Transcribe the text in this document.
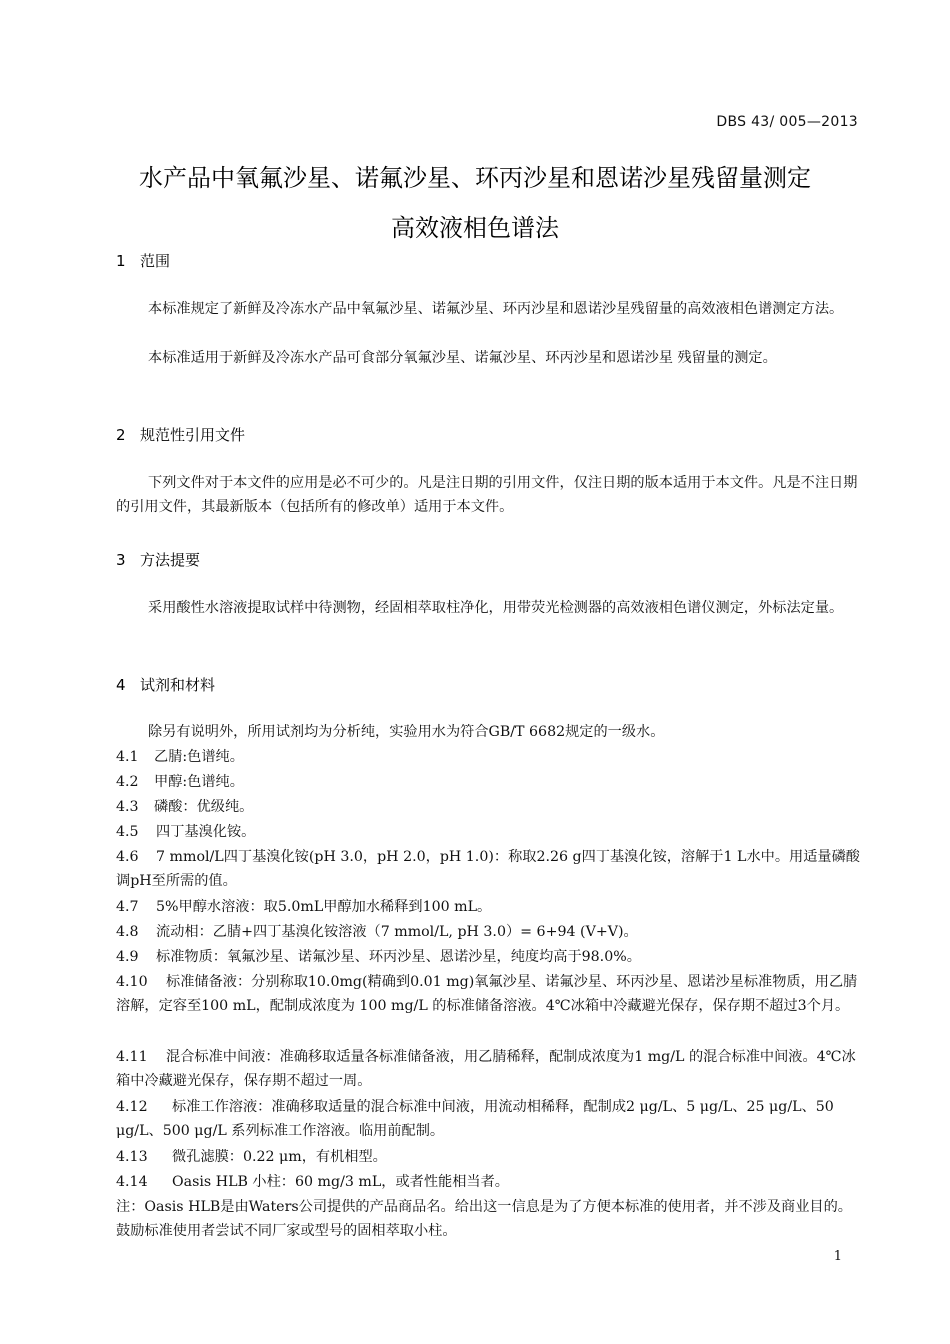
DBS 43/ 005—2013
水产品中氧氟沙星、诺氟沙星、环丙沙星和恩诺沙星残留量测定
高效液相色谱法
1 范围
本标准规定了新鲜及冷冻水产品中氧氟沙星、诺氟沙星、环丙沙星和恩诺沙星残留量的高效液相色谱测定方法。
本标准适用于新鲜及冷冻水产品可食部分氧氟沙星、诺氟沙星、环丙沙星和恩诺沙星 残留量的测定。
2 规范性引用文件
下列文件对于本文件的应用是必不可少的。凡是注日期的引用文件，仅注日期的版本适用于本文件。凡是不注日期的引用文件，其最新版本（包括所有的修改单）适用于本文件。
3 方法提要
采用酸性水溶液提取试样中待测物，经固相萃取柱净化，用带荧光检测器的高效液相色谱仪测定，外标法定量。
4 试剂和材料
除另有说明外，所用试剂均为分析纯，实验用水为符合GB/T 6682规定的一级水。
4.1 乙腈:色谱纯。
4.2 甲醇:色谱纯。
4.3 磷酸：优级纯。
4.5 四丁基溴化铵。
4.6 7 mmol/L四丁基溴化铵(pH 3.0，pH 2.0，pH 1.0)：称取2.26 g四丁基溴化铵，溶解于1 L水中。用适量磷酸调pH至所需的值。
4.7 5%甲醇水溶液：取5.0mL甲醇加水稀释到100 mL。
4.8 流动相：乙腈+四丁基溴化铵溶液（7 mmol/L, pH 3.0）= 6+94 (V+V)。
4.9 标准物质：氧氟沙星、诺氟沙星、环丙沙星、恩诺沙星，纯度均高于98.0%。
4.10 标准储备液：分别称取10.0mg(精确到0.01 mg)氧氟沙星、诺氟沙星、环丙沙星、恩诺沙星标准物质，用乙腈溶解，定容至100 mL，配制成浓度为 100 mg/L 的标准储备溶液。4℃冰箱中冷藏避光保存，保存期不超过3个月。
4.11 混合标准中间液：准确移取适量各标准储备液，用乙腈稀释，配制成浓度为1 mg/L 的混合标准中间液。4℃冰箱中冷藏避光保存，保存期不超过一周。
4.12 标准工作溶液：准确移取适量的混合标准中间液，用流动相稀释，配制成2 μg/L、5 μg/L、25 μg/L、50 μg/L、500 μg/L 系列标准工作溶液。临用前配制。
4.13 微孔滤膜：0.22 μm，有机相型。
4.14 Oasis HLB 小柱：60 mg/3 mL，或者性能相当者。
注：Oasis HLB是由Waters公司提供的产品商品名。给出这一信息是为了方便本标准的使用者，并不涉及商业目的。鼓励标准使用者尝试不同厂家或型号的固相萃取小柱。
1
